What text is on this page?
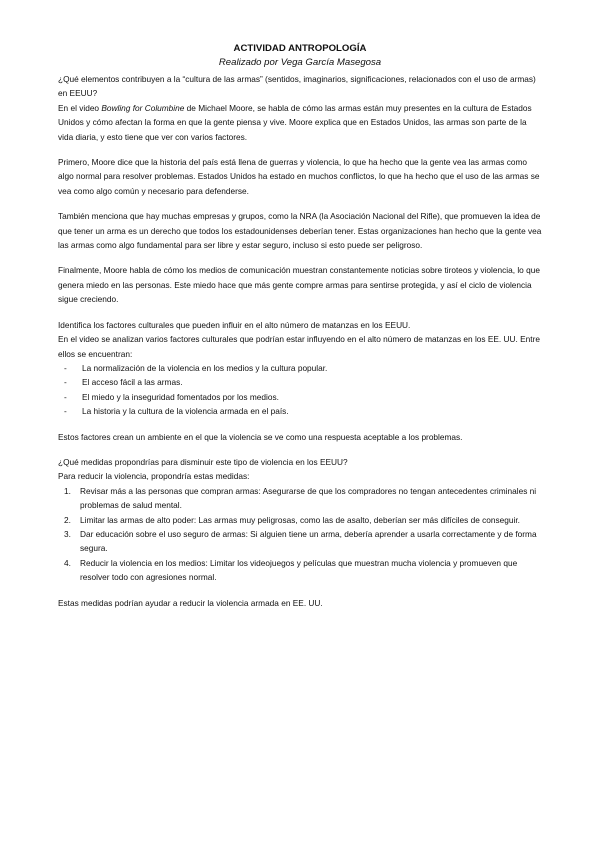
ACTIVIDAD ANTROPOLOGÍA

Realizado por Vega García Masegosa

¿Qué elementos contribuyen a la “cultura de las armas” (sentidos, imaginarios, significaciones, relacionados con el uso de armas) en EEUU?

En el video Bowling for Columbine de Michael Moore, se habla de cómo las armas están muy presentes en la cultura de Estados Unidos y cómo afectan la forma en que la gente piensa y vive. Moore explica que en Estados Unidos, las armas son parte de la vida diaria, y esto tiene que ver con varios factores.

Primero, Moore dice que la historia del país está llena de guerras y violencia, lo que ha hecho que la gente vea las armas como algo normal para resolver problemas. Estados Unidos ha estado en muchos conflictos, lo que ha hecho que el uso de las armas se vea como algo común y necesario para defenderse.

También menciona que hay muchas empresas y grupos, como la NRA (la Asociación Nacional del Rifle), que promueven la idea de que tener un arma es un derecho que todos los estadounidenses deberían tener. Estas organizaciones han hecho que la gente vea las armas como algo fundamental para ser libre y estar seguro, incluso si esto puede ser peligroso.

Finalmente, Moore habla de cómo los medios de comunicación muestran constantemente noticias sobre tiroteos y violencia, lo que genera miedo en las personas. Este miedo hace que más gente compre armas para sentirse protegida, y así el ciclo de violencia sigue creciendo.

Identifica los factores culturales que pueden influir en el alto número de matanzas en los EEUU.

En el video se analizan varios factores culturales que podrían estar influyendo en el alto número de matanzas en los EE. UU. Entre ellos se encuentran:

-	La normalización de la violencia en los medios y la cultura popular.
-	El acceso fácil a las armas.
-	El miedo y la inseguridad fomentados por los medios.
-	La historia y la cultura de la violencia armada en el país.

Estos factores crean un ambiente en el que la violencia se ve como una respuesta aceptable a los problemas.

¿Qué medidas propondrías para disminuir este tipo de violencia en los EEUU?

Para reducir la violencia, propondría estas medidas:

1.	Revisar más a las personas que compran armas: Asegurarse de que los compradores no tengan antecedentes criminales ni problemas de salud mental.
2.	Limitar las armas de alto poder: Las armas muy peligrosas, como las de asalto, deberían ser más difíciles de conseguir.
3.	Dar educación sobre el uso seguro de armas: Si alguien tiene un arma, debería aprender a usarla correctamente y de forma segura.
4.	Reducir la violencia en los medios: Limitar los videojuegos y películas que muestran mucha violencia y promueven que resolver todo con agresiones normal.

Estas medidas podrían ayudar a reducir la violencia armada en EE. UU.
